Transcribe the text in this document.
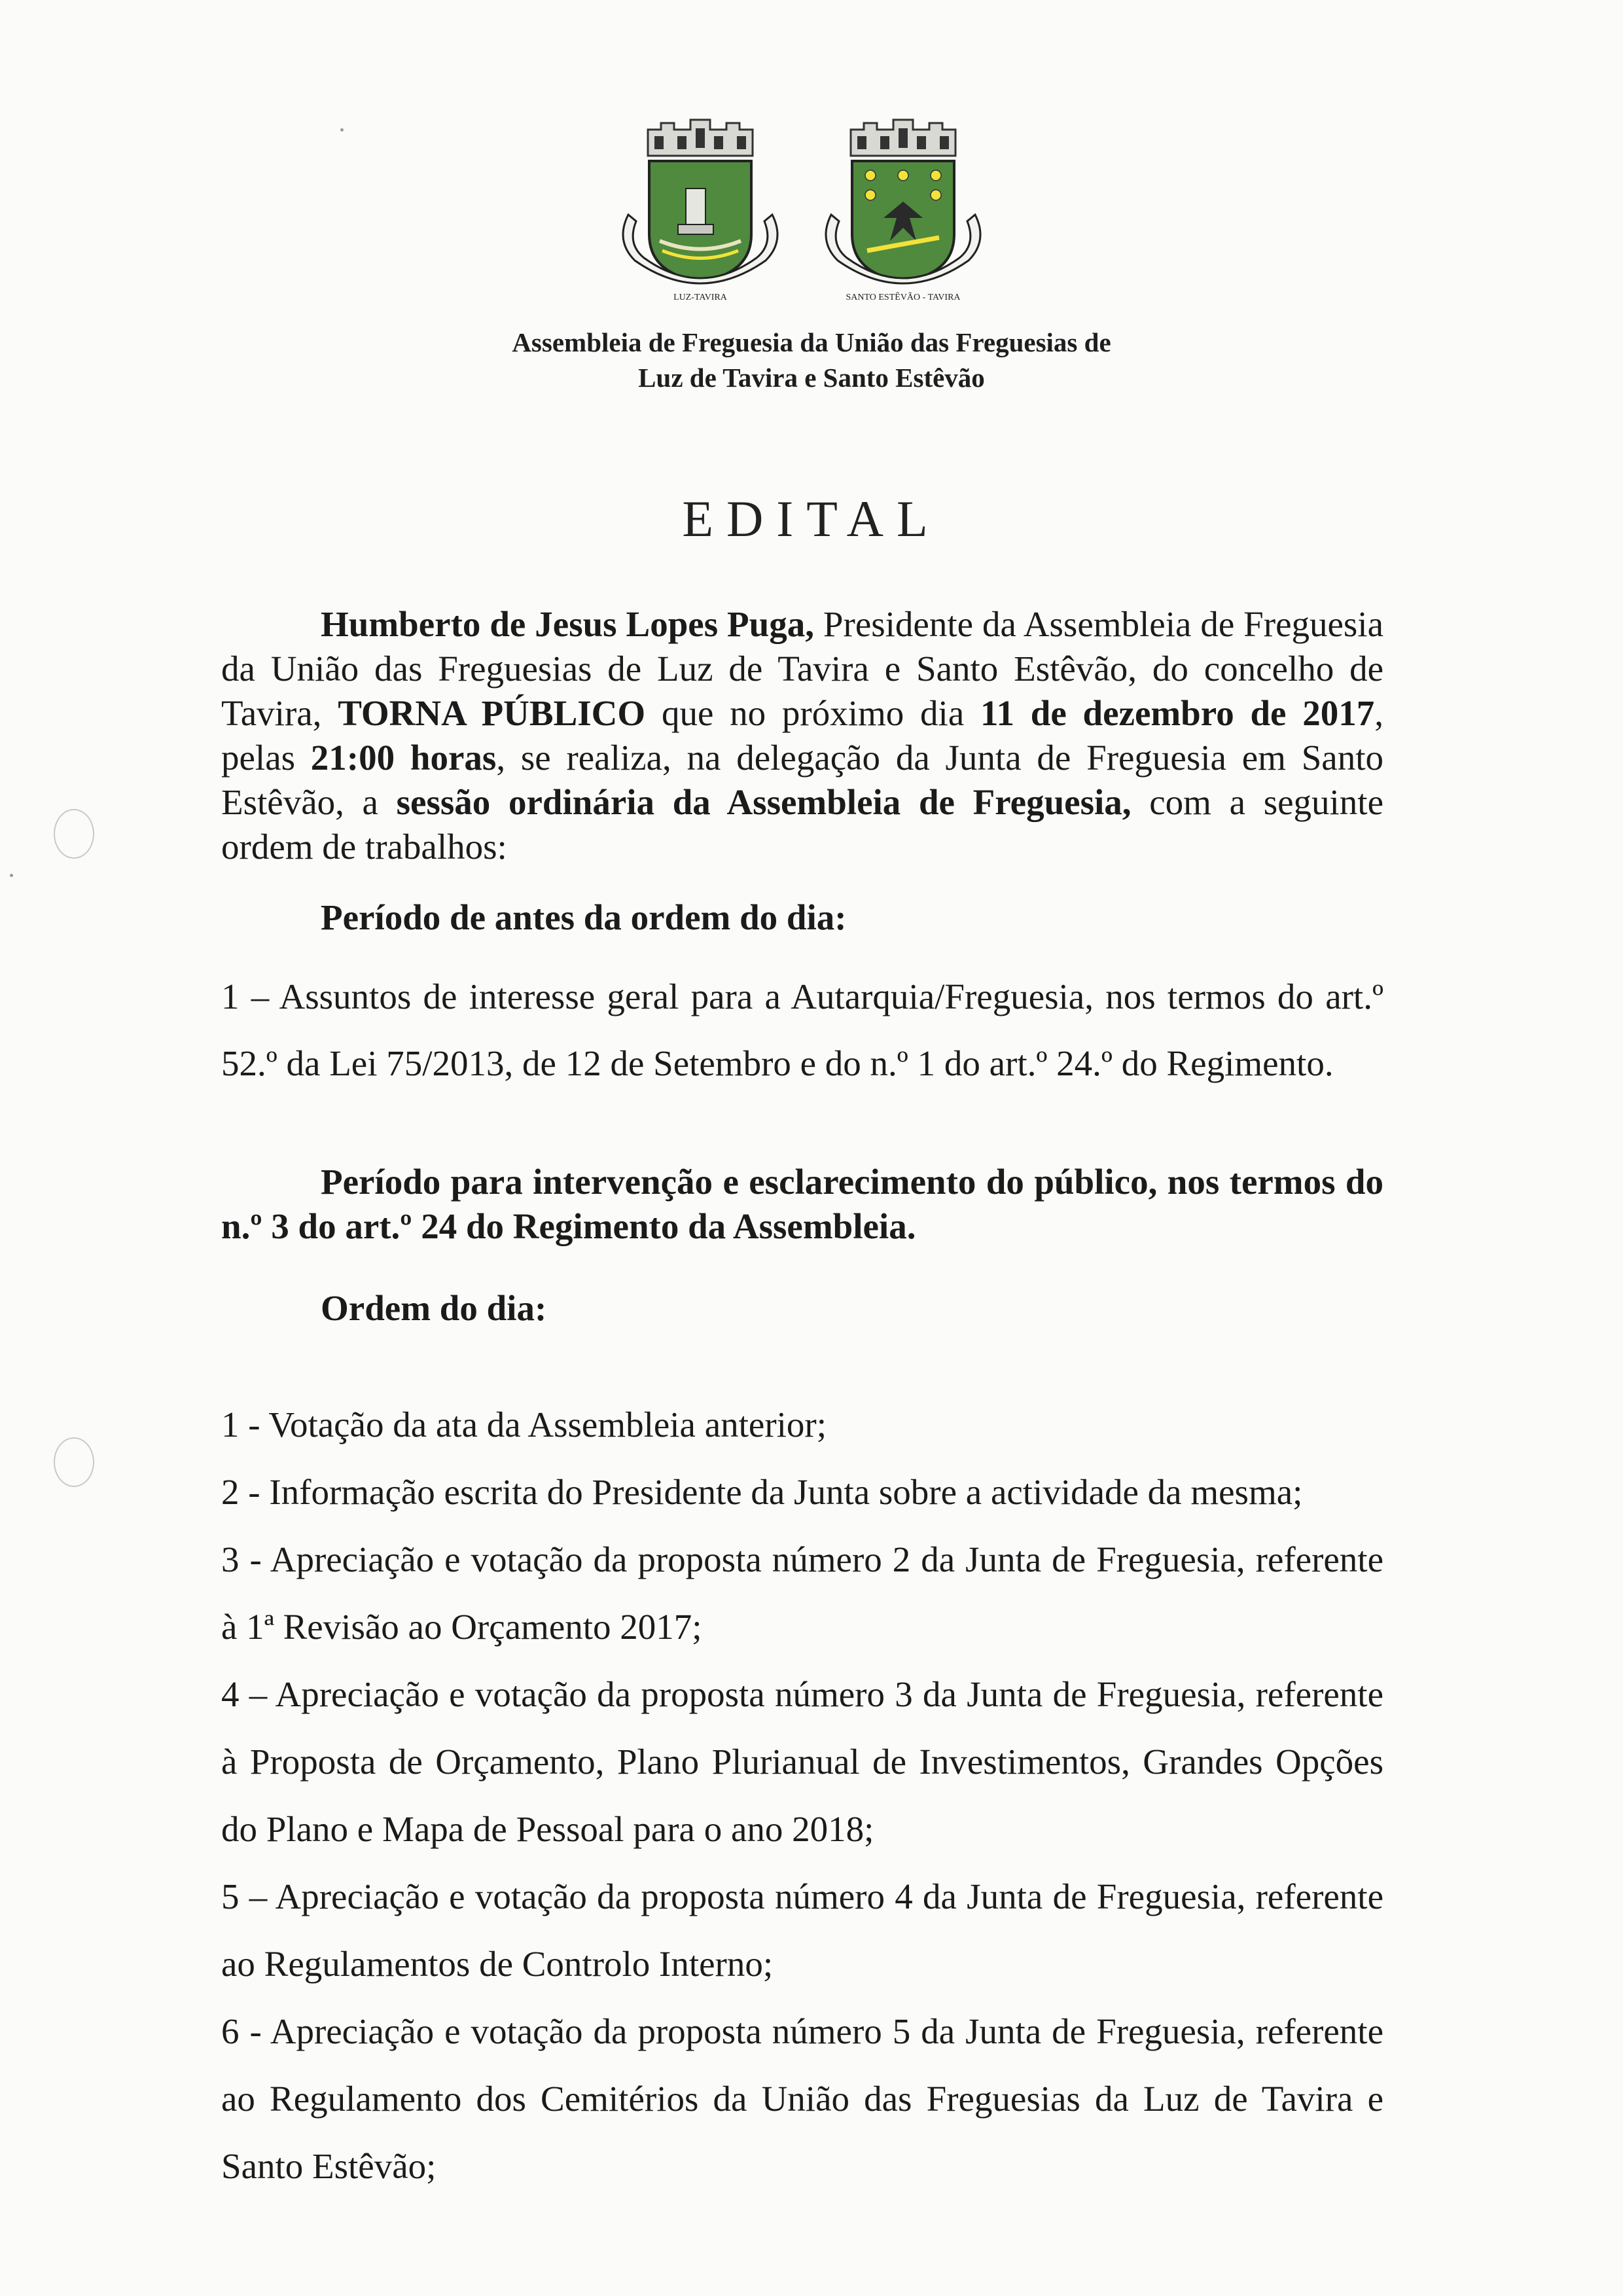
LUZ-TAVIRA	SANTO ESTÊVÃO - TAVIRA
Assembleia de Freguesia da União das Freguesias de
Luz de Tavira e Santo Estêvão
EDITAL

Humberto de Jesus Lopes Puga, Presidente da Assembleia de Freguesia da União das Freguesias de Luz de Tavira e Santo Estêvão, do concelho de Tavira, TORNA PÚBLICO que no próximo dia 11 de dezembro de 2017, pelas 21:00 horas, se realiza, na delegação da Junta de Freguesia em Santo Estêvão, a sessão ordinária da Assembleia de Freguesia, com a seguinte ordem de trabalhos:

Período de antes da ordem do dia:
1 – Assuntos de interesse geral para a Autarquia/Freguesia, nos termos do art.º 52.º da Lei 75/2013, de 12 de Setembro e do n.º 1 do art.º 24.º do Regimento.

Período para intervenção e esclarecimento do público, nos termos do n.º 3 do art.º 24 do Regimento da Assembleia.

Ordem do dia:

1 - Votação da ata da Assembleia anterior;

2 - Informação escrita do Presidente da Junta sobre a actividade da mesma;

3 - Apreciação e votação da proposta número 2 da Junta de Freguesia, referente à 1ª Revisão ao Orçamento 2017;

4 – Apreciação e votação da proposta número 3 da Junta de Freguesia, referente à Proposta de Orçamento, Plano Plurianual de Investimentos, Grandes Opções do Plano e Mapa de Pessoal para o ano 2018;

5 – Apreciação e votação da proposta número 4 da Junta de Freguesia, referente ao Regulamentos de Controlo Interno;

6 - Apreciação e votação da proposta número 5 da Junta de Freguesia, referente ao Regulamento dos Cemitérios da União das Freguesias da Luz de Tavira e Santo Estêvão;
